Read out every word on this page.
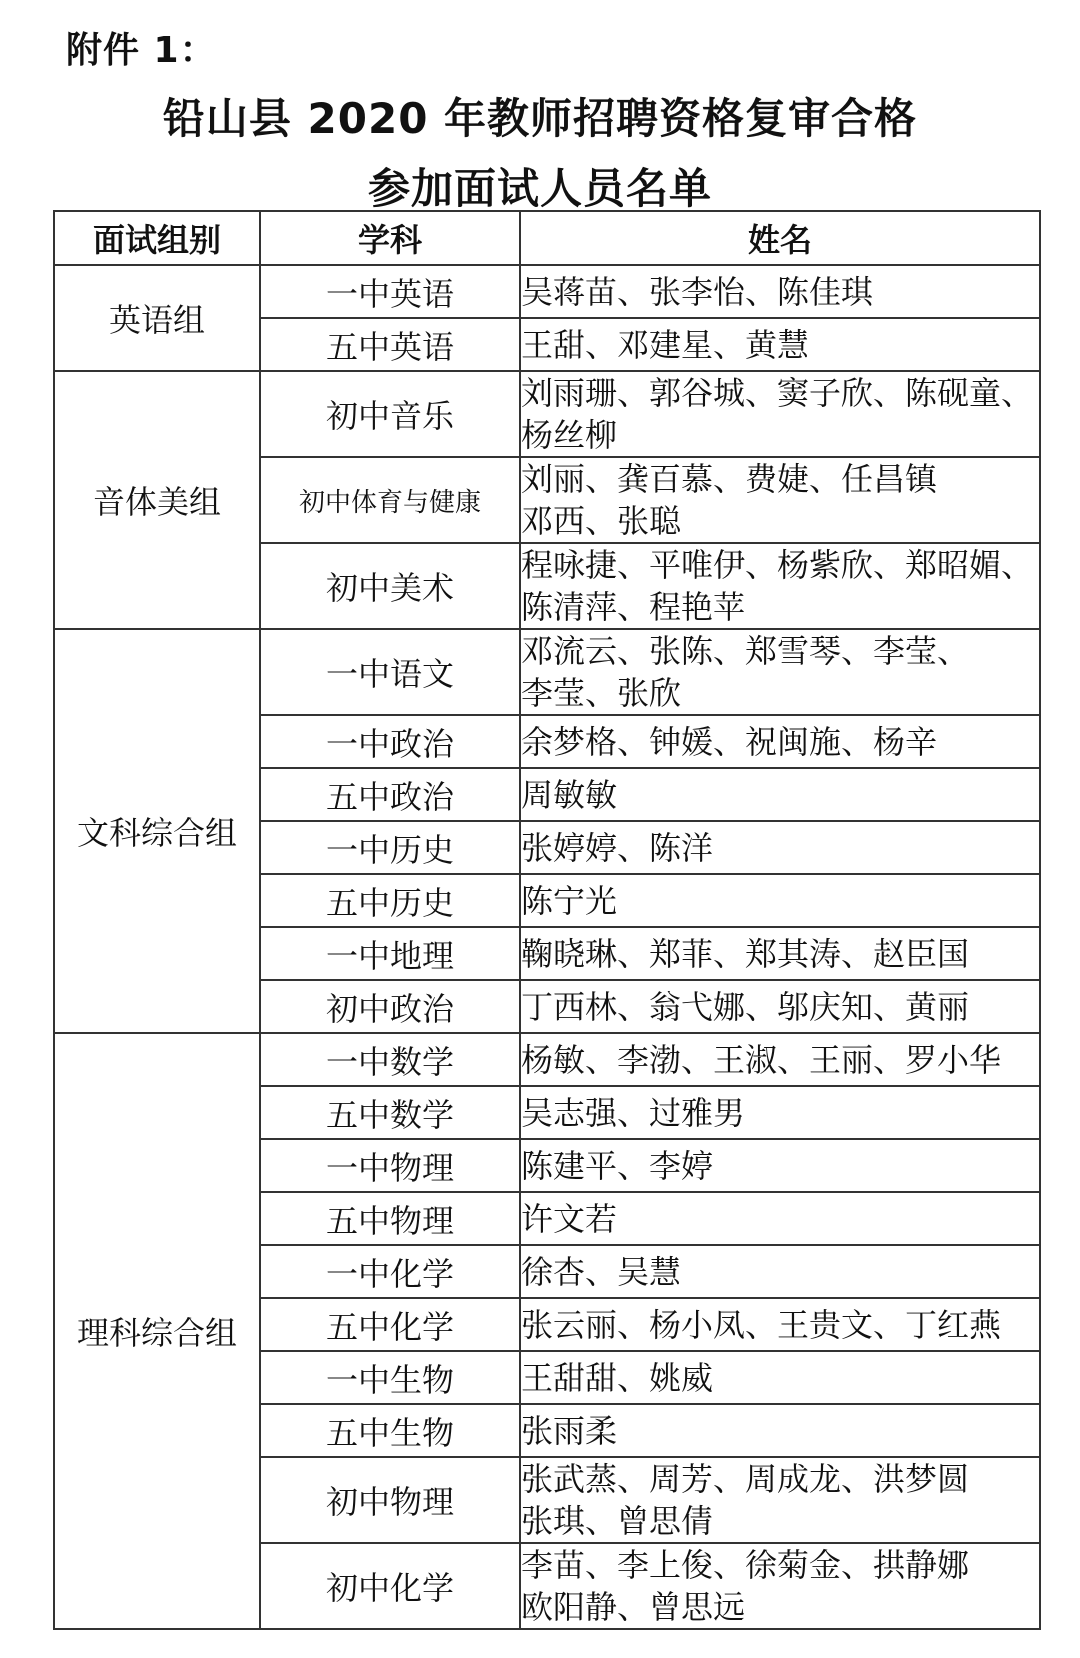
附件 1：
铅山县 2020 年教师招聘资格复审合格
参加面试人员名单
面试组别	学科	姓名
英语组	一中英语	吴蒋苗、张李怡、陈佳琪
	五中英语	王甜、邓建星、黄慧
音体美组	初中音乐	刘雨珊、郭谷城、窦子欣、陈砚童、
杨丝柳
	初中体育与健康	刘丽、龚百慕、费婕、任昌镇
邓西、张聪
	初中美术	程咏捷、平唯伊、杨紫欣、郑昭媚、
陈清萍、程艳苹
文科综合组	一中语文	邓流云、张陈、郑雪琴、李莹、
李莹、张欣
	一中政治	余梦格、钟媛、祝闽施、杨辛
	五中政治	周敏敏
	一中历史	张婷婷、陈洋
	五中历史	陈宁光
	一中地理	鞠晓琳、郑菲、郑其涛、赵臣国
	初中政治	丁西林、翁弋娜、邬庆知、黄丽
理科综合组	一中数学	杨敏、李渤、王淑、王丽、罗小华
	五中数学	吴志强、过雅男
	一中物理	陈建平、李婷
	五中物理	许文若
	一中化学	徐杏、吴慧
	五中化学	张云丽、杨小凤、王贵文、丁红燕
	一中生物	王甜甜、姚威
	五中生物	张雨柔
	初中物理	张武蒸、周芳、周成龙、洪梦圆
张琪、曾思倩
	初中化学	李苗、李上俊、徐菊金、拱静娜
欧阳静、曾思远
